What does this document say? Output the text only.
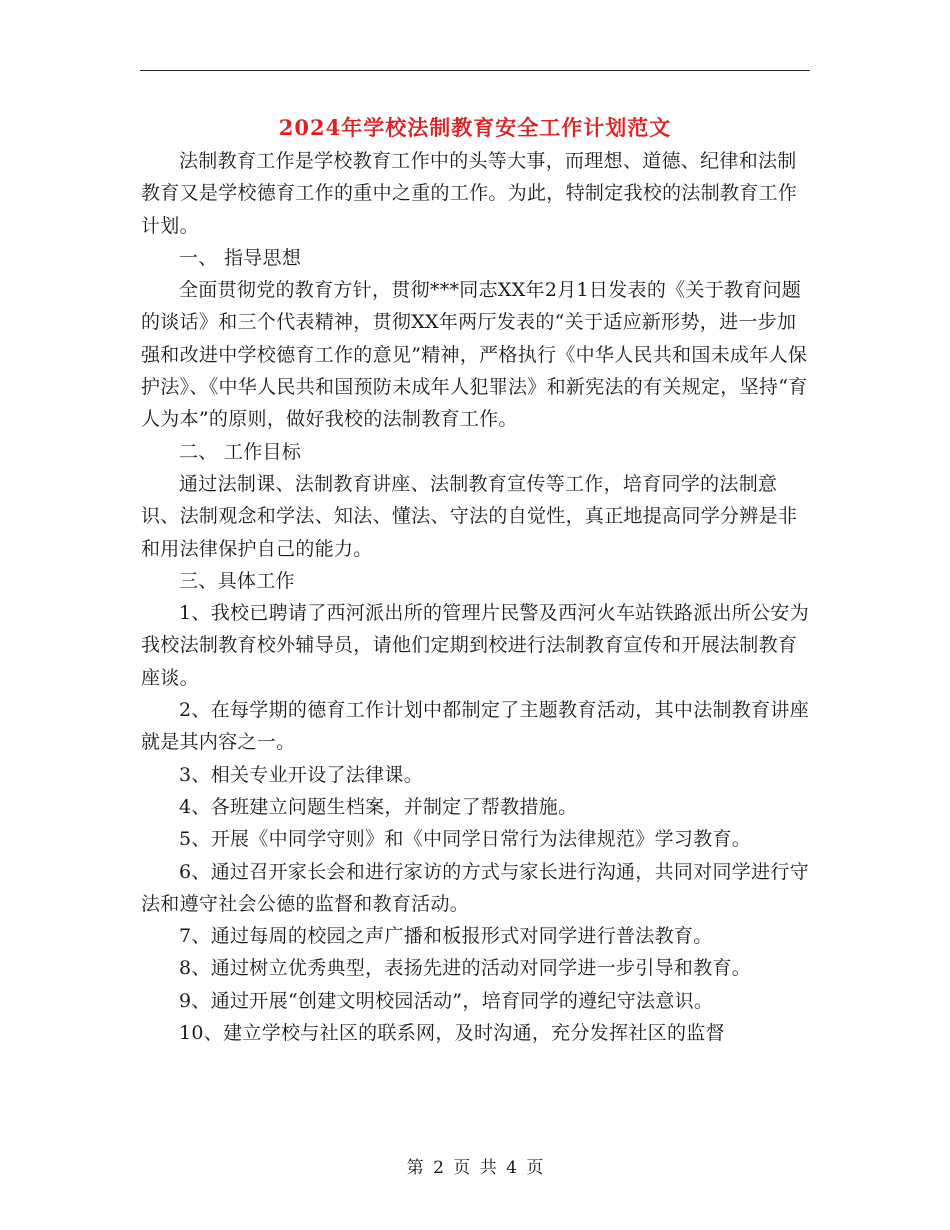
2024年学校法制教育安全工作计划范文

法制教育工作是学校教育工作中的头等大事，而理想、道德、纪律和法制教育又是学校德育工作的重中之重的工作。为此，特制定我校的法制教育工作计划。

一、 指导思想

全面贯彻党的教育方针，贯彻***同志XX年2月1日发表的《关于教育问题的谈话》和三个代表精神，贯彻XX年两厅发表的“关于适应新形势，进一步加强和改进中学校德育工作的意见”精神，严格执行《中华人民共和国未成年人保护法》、《中华人民共和国预防未成年人犯罪法》和新宪法的有关规定，坚持“育人为本”的原则，做好我校的法制教育工作。

二、 工作目标

通过法制课、法制教育讲座、法制教育宣传等工作，培育同学的法制意识、法制观念和学法、知法、懂法、守法的自觉性，真正地提高同学分辨是非和用法律保护自己的能力。

三、具体工作

1、我校已聘请了西河派出所的管理片民警及西河火车站铁路派出所公安为我校法制教育校外辅导员，请他们定期到校进行法制教育宣传和开展法制教育座谈。

2、在每学期的德育工作计划中都制定了主题教育活动，其中法制教育讲座就是其内容之一。

3、相关专业开设了法律课。

4、各班建立问题生档案，并制定了帮教措施。

5、开展《中同学守则》和《中同学日常行为法律规范》学习教育。

6、通过召开家长会和进行家访的方式与家长进行沟通，共同对同学进行守法和遵守社会公德的监督和教育活动。

7、通过每周的校园之声广播和板报形式对同学进行普法教育。

8、通过树立优秀典型，表扬先进的活动对同学进一步引导和教育。

9、通过开展“创建文明校园活动”，培育同学的遵纪守法意识。

10、建立学校与社区的联系网，及时沟通，充分发挥社区的监督

第 2 页 共 4 页
